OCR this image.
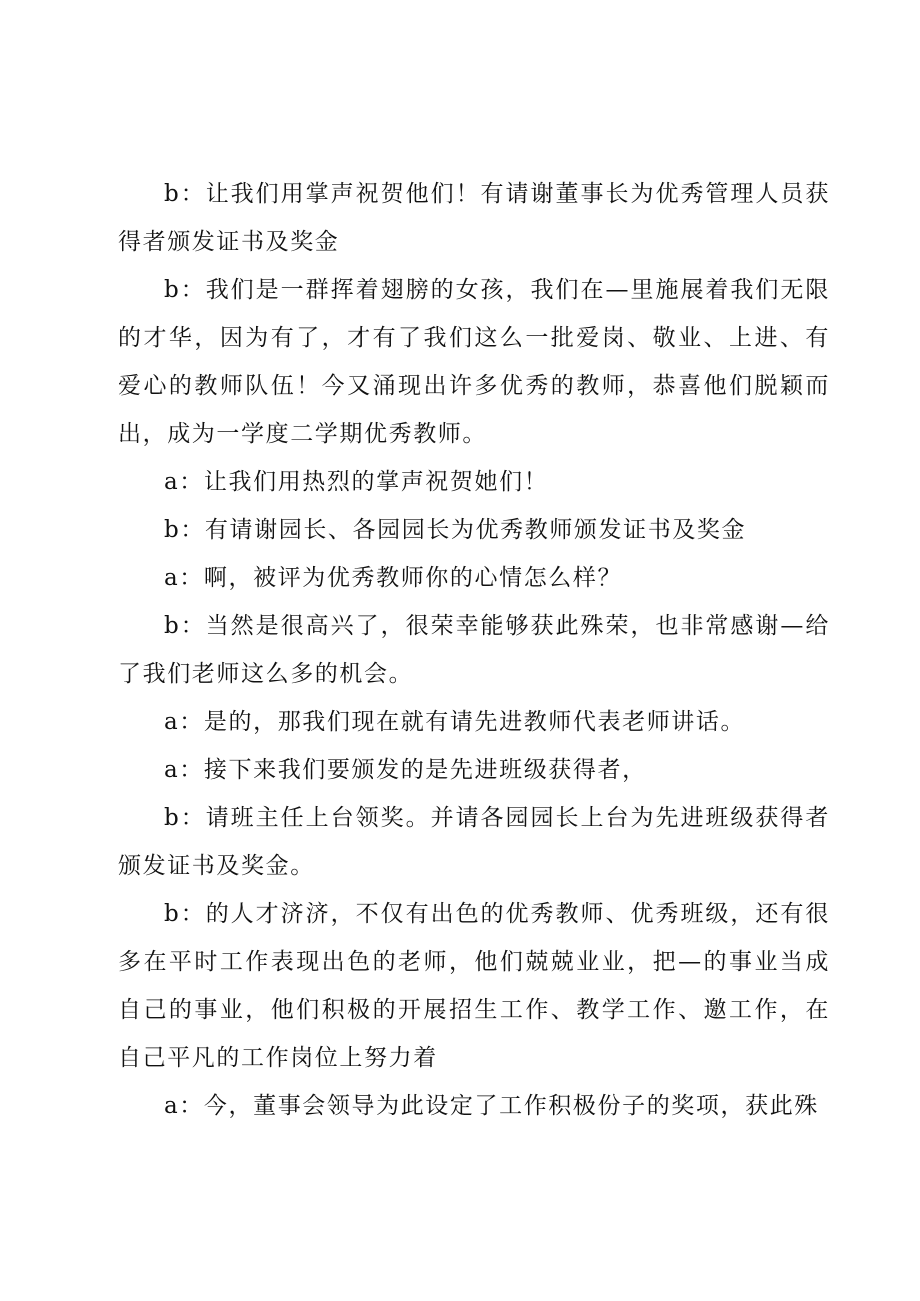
b：让我们用掌声祝贺他们！有请谢董事长为优秀管理人员获得者颁发证书及奖金

b：我们是一群挥着翅膀的女孩，我们在—里施展着我们无限的才华，因为有了，才有了我们这么一批爱岗、敬业、上进、有爱心的教师队伍！今又涌现出许多优秀的教师，恭喜他们脱颖而出，成为一学度二学期优秀教师。

a：让我们用热烈的掌声祝贺她们！

b：有请谢园长、各园园长为优秀教师颁发证书及奖金

a：啊，被评为优秀教师你的心情怎么样？

b：当然是很高兴了，很荣幸能够获此殊荣，也非常感谢—给了我们老师这么多的机会。

a：是的，那我们现在就有请先进教师代表老师讲话。

a：接下来我们要颁发的是先进班级获得者，

b：请班主任上台领奖。并请各园园长上台为先进班级获得者颁发证书及奖金。

b：的人才济济，不仅有出色的优秀教师、优秀班级，还有很多在平时工作表现出色的老师，他们兢兢业业，把—的事业当成自己的事业，他们积极的开展招生工作、教学工作、邀工作，在自己平凡的工作岗位上努力着

a：今，董事会领导为此设定了工作积极份子的奖项，获此殊
